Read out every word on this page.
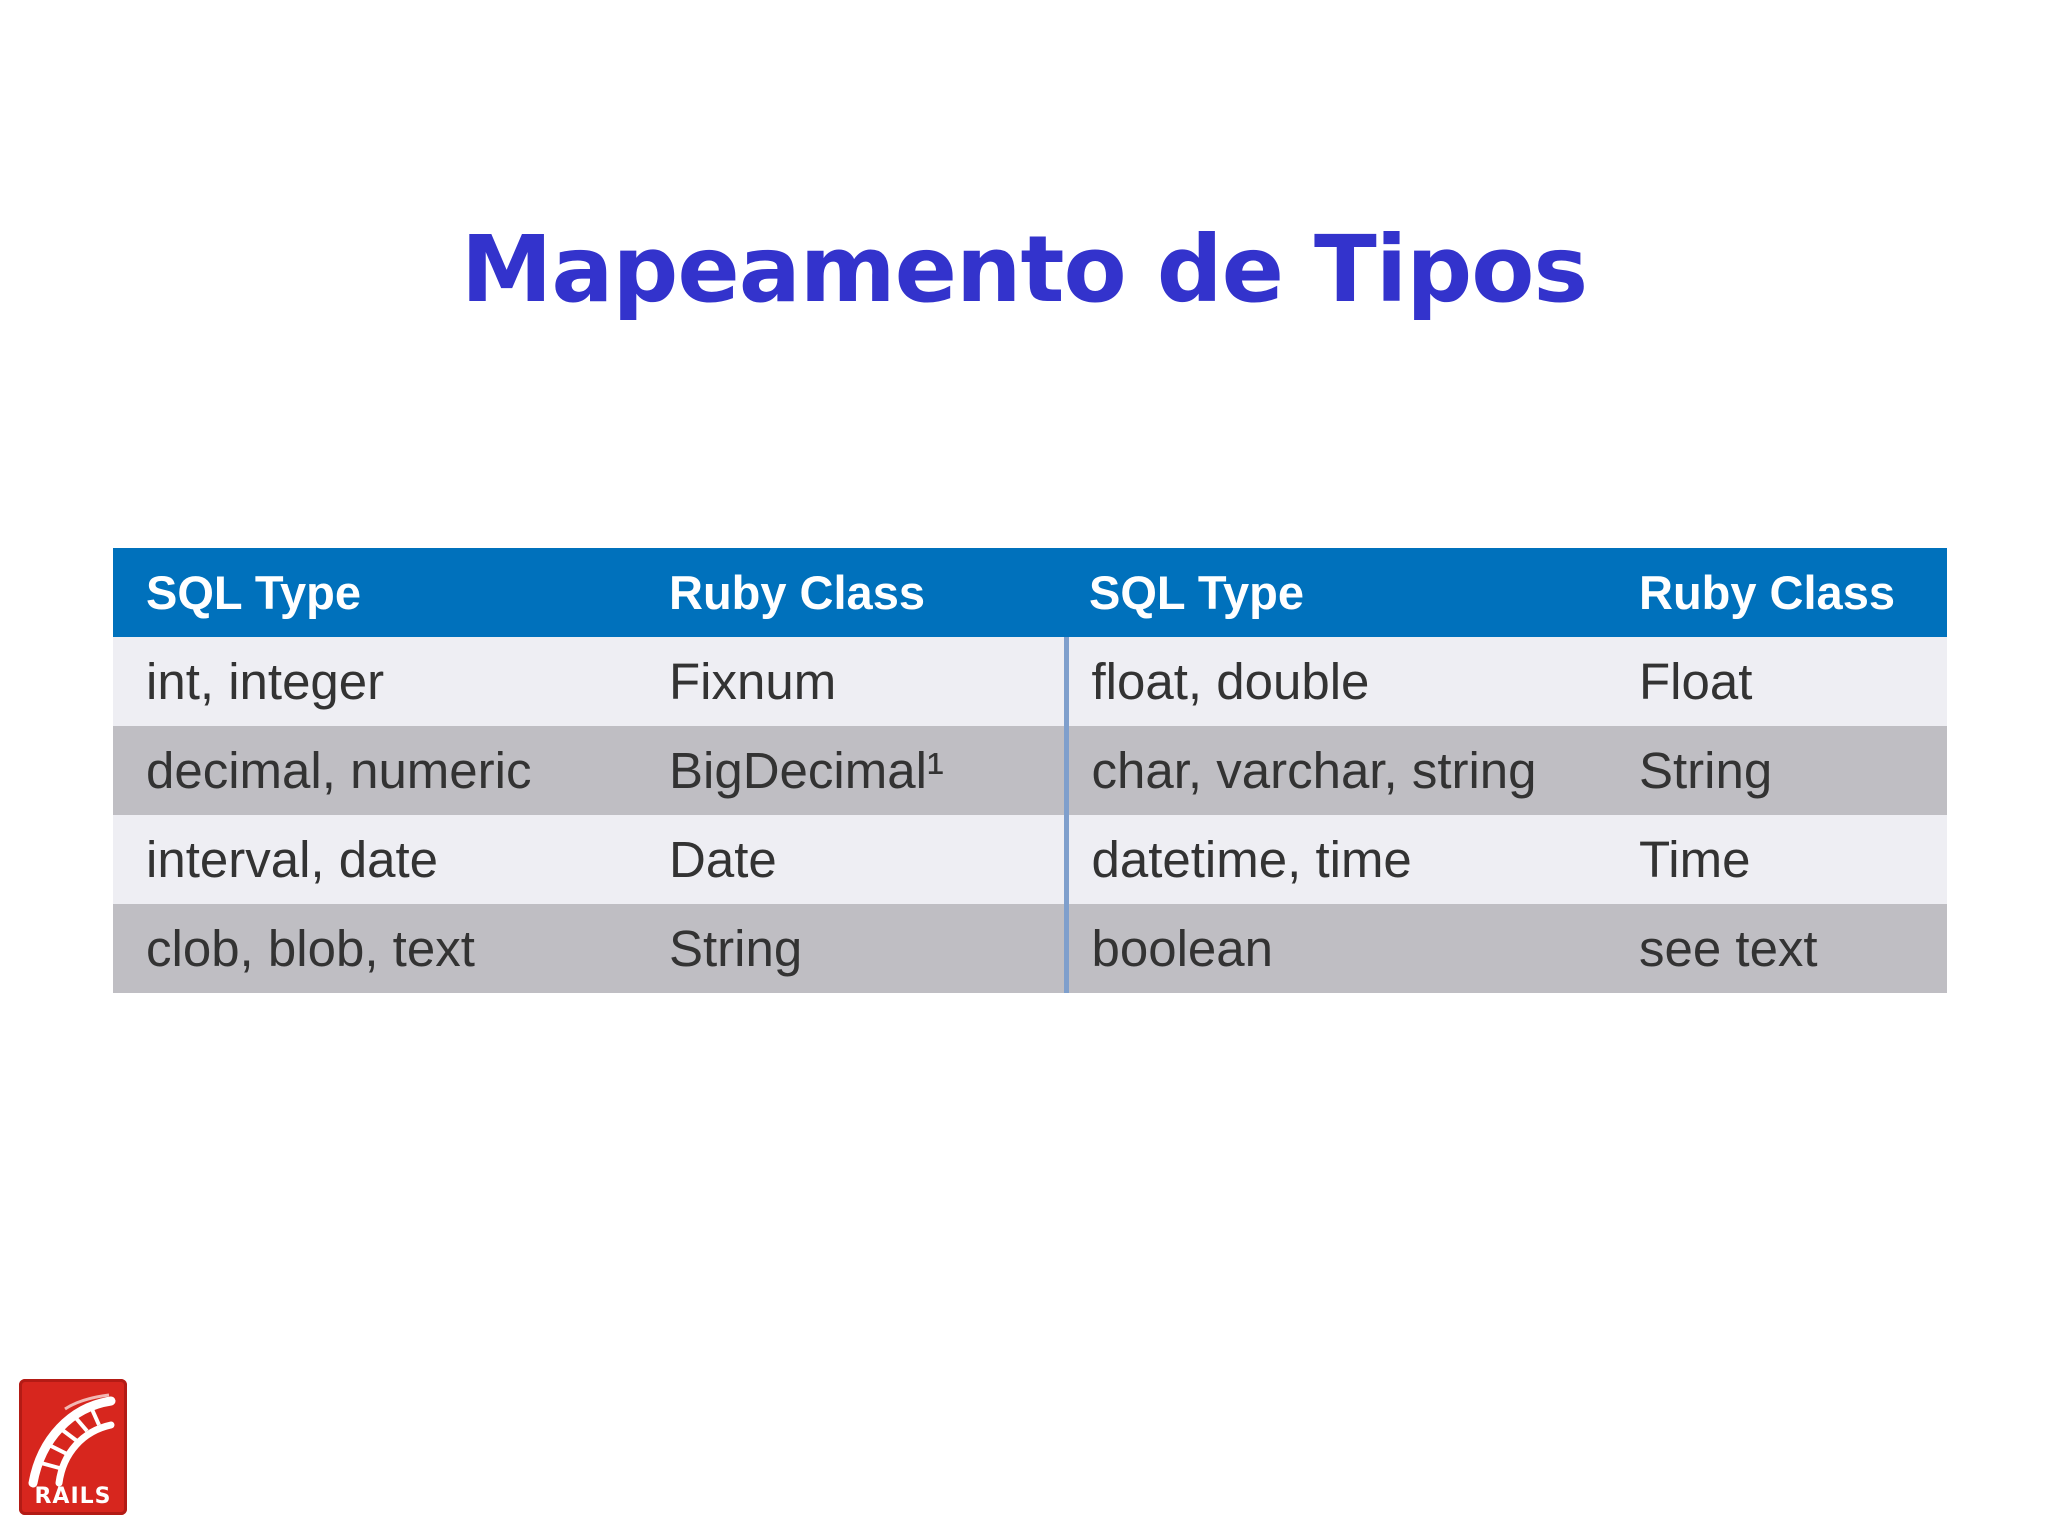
Mapeamento de Tipos
SQL Type	Ruby Class	SQL Type	Ruby Class
int, integer	Fixnum	float, double	Float
decimal, numeric	BigDecimal¹	char, varchar, string	String
interval, date	Date	datetime, time	Time
clob, blob, text	String	boolean	see text
RAILS
